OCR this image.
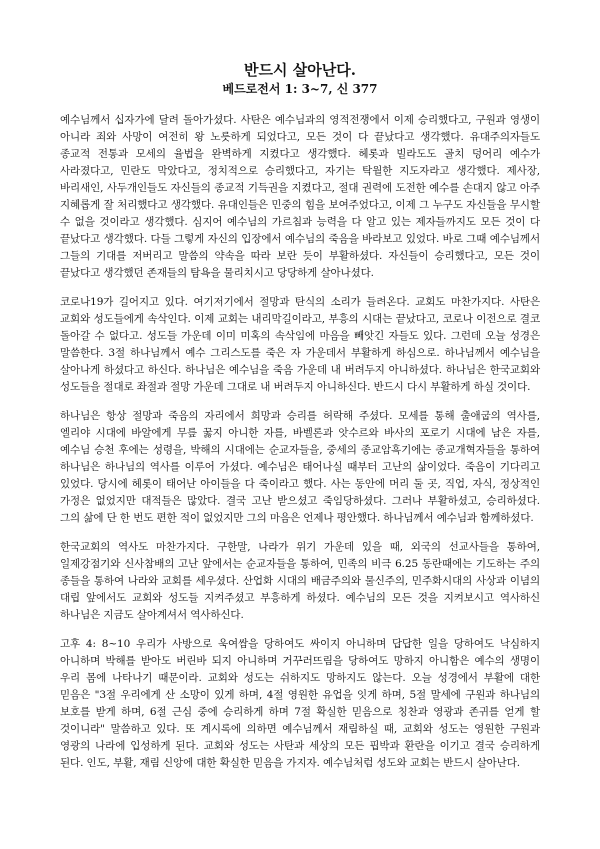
반드시 살아난다.
베드로전서 1: 3~7, 신 377

예수님께서 십자가에 달려 돌아가셨다. 사탄은 예수님과의 영적전쟁에서 이제 승리했다고, 구원과 영생이 아니라 죄와 사망이 여전히 왕 노릇하게 되었다고, 모든 것이 다 끝났다고 생각했다. 유대주의자들도 종교적 전통과 모세의 율법을 완벽하게 지켰다고 생각했다. 헤롯과 빌라도도 골치 덩어리 예수가 사라졌다고, 민란도 막았다고, 정치적으로 승리했다고, 자기는 탁월한 지도자라고 생각했다. 제사장, 바리새인, 사두개인들도 자신들의 종교적 기득권을 지켰다고, 절대 권력에 도전한 예수를 손대지 않고 아주 지혜롭게 잘 처리했다고 생각했다. 유대인들은 민중의 힘을 보여주었다고, 이제 그 누구도 자신들을 무시할 수 없을 것이라고 생각했다. 심지어 예수님의 가르침과 능력을 다 알고 있는 제자들까지도 모든 것이 다 끝났다고 생각했다. 다들 그렇게 자신의 입장에서 예수님의 죽음을 바라보고 있었다. 바로 그때 예수님께서 그들의 기대를 저버리고 말씀의 약속을 따라 보란 듯이 부활하셨다. 자신들이 승리했다고, 모든 것이 끝났다고 생각했던 존재들의 탐욕을 물리치시고 당당하게 살아나셨다.

코로나19가 길어지고 있다. 여기저기에서 절망과 탄식의 소리가 들려온다. 교회도 마찬가지다. 사탄은 교회와 성도들에게 속삭인다. 이제 교회는 내리막길이라고, 부흥의 시대는 끝났다고, 코로나 이전으로 결코 돌아갈 수 없다고. 성도들 가운데 이미 미혹의 속삭임에 마음을 빼앗긴 자들도 있다. 그런데 오늘 성경은 말씀한다. 3절 하나님께서 예수 그리스도를 죽은 자 가운데서 부활하게 하심으로. 하나님께서 예수님을 살아나게 하셨다고 하신다. 하나님은 예수님을 죽음 가운데 내 버려두지 아니하셨다. 하나님은 한국교회와 성도들을 절대로 좌절과 절망 가운데 그대로 내 버려두지 아니하신다. 반드시 다시 부활하게 하실 것이다.

하나님은 항상 절망과 죽음의 자리에서 희망과 승리를 허락해 주셨다. 모세를 통해 출애굽의 역사를, 엘리야 시대에 바알에게 무릎 꿇지 아니한 자를, 바벨론과 앗수르와 바사의 포로기 시대에 남은 자를, 예수님 승천 후에는 성령을, 박해의 시대에는 순교자들을, 중세의 종교암흑기에는 종교개혁자들을 통하여 하나님은 하나님의 역사를 이루어 가셨다. 예수님은 태어나실 때부터 고난의 삶이었다. 죽음이 기다리고 있었다. 당시에 헤롯이 태어난 아이들을 다 죽이라고 했다. 사는 동안에 머리 둘 곳, 직업, 자식, 정상적인 가정은 없었지만 대적들은 많았다. 결국 고난 받으셨고 죽임당하셨다. 그러나 부활하셨고, 승리하셨다. 그의 삶에 단 한 번도 편한 적이 없었지만 그의 마음은 언제나 평안했다. 하나님께서 예수님과 함께하셨다.

한국교회의 역사도 마찬가지다. 구한말, 나라가 위기 가운데 있을 때, 외국의 선교사들을 통하여, 일제강점기와 신사참배의 고난 앞에서는 순교자들을 통하여, 민족의 비극 6.25 동란때에는 기도하는 주의 종들을 통하여 나라와 교회를 세우셨다. 산업화 시대의 배금주의와 물신주의, 민주화시대의 사상과 이념의 대립 앞에서도 교회와 성도들 지켜주셨고 부흥하게 하셨다. 예수님의 모든 것을 지켜보시고 역사하신 하나님은 지금도 살아계셔서 역사하신다.

고후 4: 8~10 우리가 사방으로 욱여쌈을 당하여도 싸이지 아니하며 답답한 일을 당하여도 낙심하지 아니하며 박해를 받아도 버린바 되지 아니하며 거꾸러뜨림을 당하여도 망하지 아니함은 예수의 생명이 우리 몸에 나타나기 때문이라. 교회와 성도는 쉬하지도 망하지도 않는다. 오늘 성경에서 부활에 대한 믿음은 "3절 우리에게 산 소망이 있게 하며, 4절 영원한 유업을 잇게 하며, 5절 말세에 구원과 하나님의 보호를 받게 하며, 6절 근심 중에 승리하게 하며 7절 확실한 믿음으로 칭찬과 영광과 존귀를 얻게 할 것이니라" 말씀하고 있다. 또 계시록에 의하면 예수님께서 재림하실 때, 교회와 성도는 영원한 구원과 영광의 나라에 입성하게 된다. 교회와 성도는 사탄과 세상의 모든 핍박과 환란을 이기고 결국 승리하게 된다. 인도, 부활, 재림 신앙에 대한 확실한 믿음을 가지자. 예수님처럼 성도와 교회는 반드시 살아난다.
